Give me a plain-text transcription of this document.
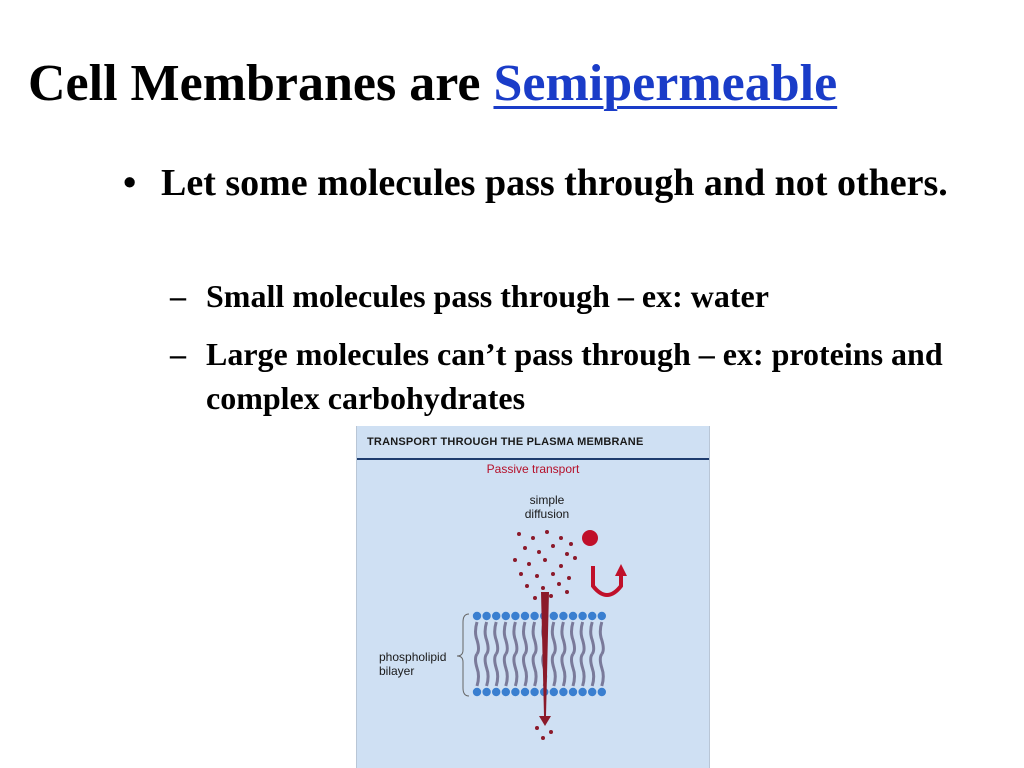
Cell Membranes are Semipermeable
• Let some molecules pass through and not others.
– Small molecules pass through – ex: water
– Large molecules can’t pass through – ex: proteins and complex carbohydrates
TRANSPORT THROUGH THE PLASMA MEMBRANE
Passive transport
simple
diffusion
phospholipid
bilayer
